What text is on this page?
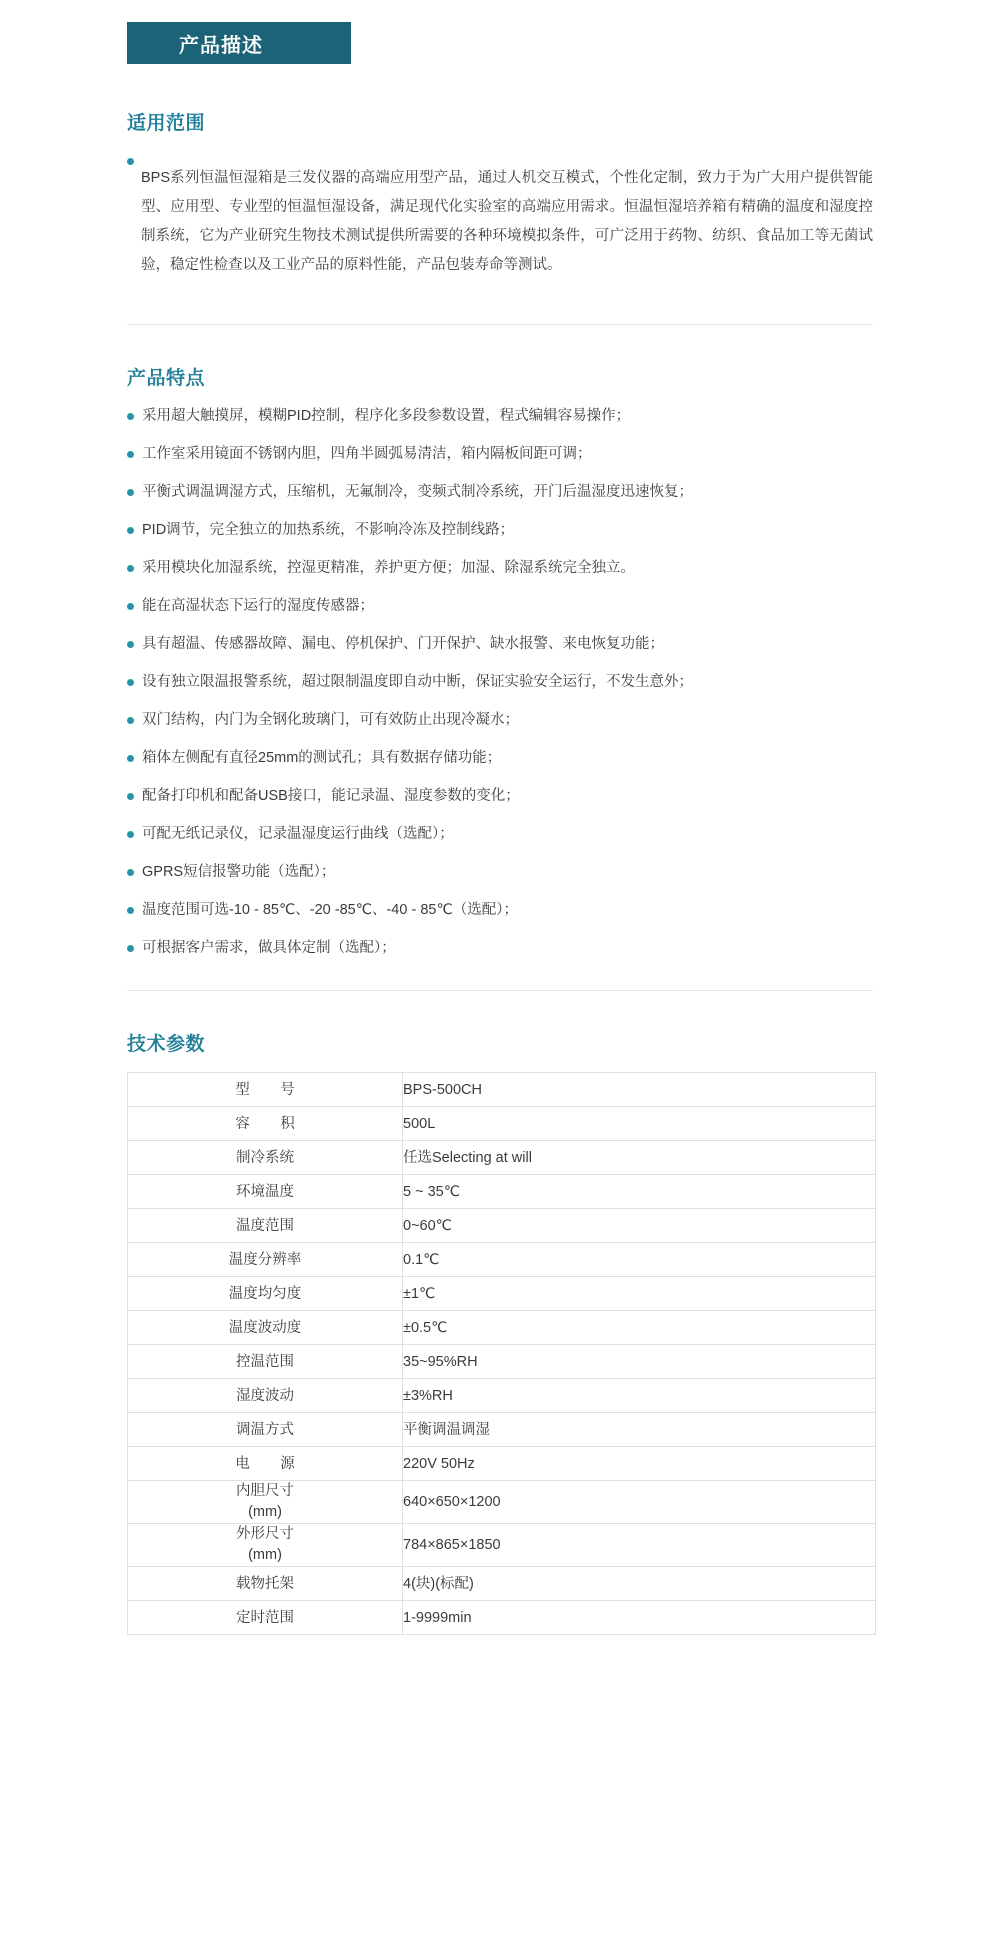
产品描述
适用范围

BPS系列恒温恒湿箱是三发仪器的高端应用型产品，通过人机交互模式，个性化定制，致力于为广大用户提供智能型、应用型、专业型的恒温恒湿设备，满足现代化实验室的高端应用需求。恒温恒湿培养箱有精确的温度和湿度控制系统，它为产业研究生物技术测试提供所需要的各种环境模拟条件，可广泛用于药物、纺织、食品加工等无菌试验，稳定性检查以及工业产品的原料性能，产品包装寿命等测试。

产品特点
采用超大触摸屏，模糊PID控制，程序化多段参数设置，程式编辑容易操作；
工作室采用镜面不锈钢内胆，四角半圆弧易清洁，箱内隔板间距可调；
平衡式调温调湿方式，压缩机，无氟制冷，变频式制冷系统，开门后温湿度迅速恢复；
PID调节，完全独立的加热系统，不影响冷冻及控制线路；
采用模块化加湿系统，控湿更精准，养护更方便；加湿、除湿系统完全独立。
能在高湿状态下运行的湿度传感器；
具有超温、传感器故障、漏电、停机保护、门开保护、缺水报警、来电恢复功能；
设有独立限温报警系统，超过限制温度即自动中断，保证实验安全运行，不发生意外；
双门结构，内门为全钢化玻璃门，可有效防止出现冷凝水；
箱体左侧配有直径25mm的测试孔；具有数据存储功能；
配备打印机和配备USB接口，能记录温、湿度参数的变化；
可配无纸记录仪，记录温湿度运行曲线（选配）；
GPRS短信报警功能（选配）；
温度范围可选-10 - 85℃、-20 -85℃、-40 - 85℃（选配）；
可根据客户需求，做具体定制（选配）；
技术参数
型　号	BPS-500CH
容　积	500L
制冷系统	任选Selecting at will
环境温度	5 ~ 35℃
温度范围	0~60℃
温度分辨率	0.1℃
温度均匀度	±1℃
温度波动度	±0.5℃
控温范围	35~95%RH
湿度波动	±3%RH
调温方式	平衡调温调湿
电　源	220V 50Hz

内胆尺寸
(mm)	640×650×1200

外形尺寸
(mm)	784×865×1850
载物托架	4(块)(标配)
定时范围	1-9999min
